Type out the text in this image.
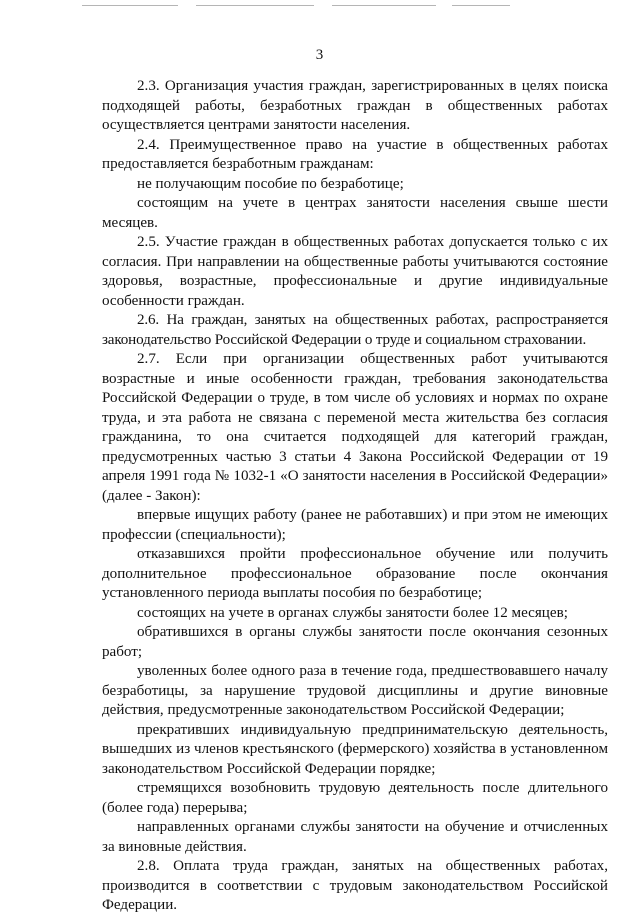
3

2.3. Организация участия граждан, зарегистрированных в целях поиска подходящей работы, безработных граждан в общественных работах осуществляется центрами занятости населения.

2.4. Преимущественное право на участие в общественных работах предоставляется безработным гражданам:

не получающим пособие по безработице;

состоящим на учете в центрах занятости населения свыше шести месяцев.

2.5. Участие граждан в общественных работах допускается только с их согласия. При направлении на общественные работы учитываются состояние здоровья, возрастные, профессиональные и другие индивидуальные особенности граждан.

2.6. На граждан, занятых на общественных работах, распространяется законодательство Российской Федерации о труде и социальном страховании.

2.7. Если при организации общественных работ учитываются возрастные и иные особенности граждан, требования законодательства Российской Федерации о труде, в том числе об условиях и нормах по охране труда, и эта работа не связана с переменой места жительства без согласия гражданина, то она считается подходящей для категорий граждан, предусмотренных частью 3 статьи 4 Закона Российской Федерации от 19 апреля 1991 года № 1032-1 «О занятости населения в Российской Федерации» (далее - Закон):

впервые ищущих работу (ранее не работавших) и при этом не имеющих профессии (специальности);

отказавшихся пройти профессиональное обучение или получить дополнительное профессиональное образование после окончания установленного периода выплаты пособия по безработице;

состоящих на учете в органах службы занятости более 12 месяцев;

обратившихся в органы службы занятости после окончания сезонных работ;

уволенных более одного раза в течение года, предшествовавшего началу безработицы, за нарушение трудовой дисциплины и другие виновные действия, предусмотренные законодательством Российской Федерации;

прекративших индивидуальную предпринимательскую деятельность, вышедших из членов крестьянского (фермерского) хозяйства в установленном законодательством Российской Федерации порядке;

стремящихся возобновить трудовую деятельность после длительного (более года) перерыва;

направленных органами службы занятости на обучение и отчисленных за виновные действия.

2.8. Оплата труда граждан, занятых на общественных работах, производится в соответствии с трудовым законодательством Российской Федерации.
